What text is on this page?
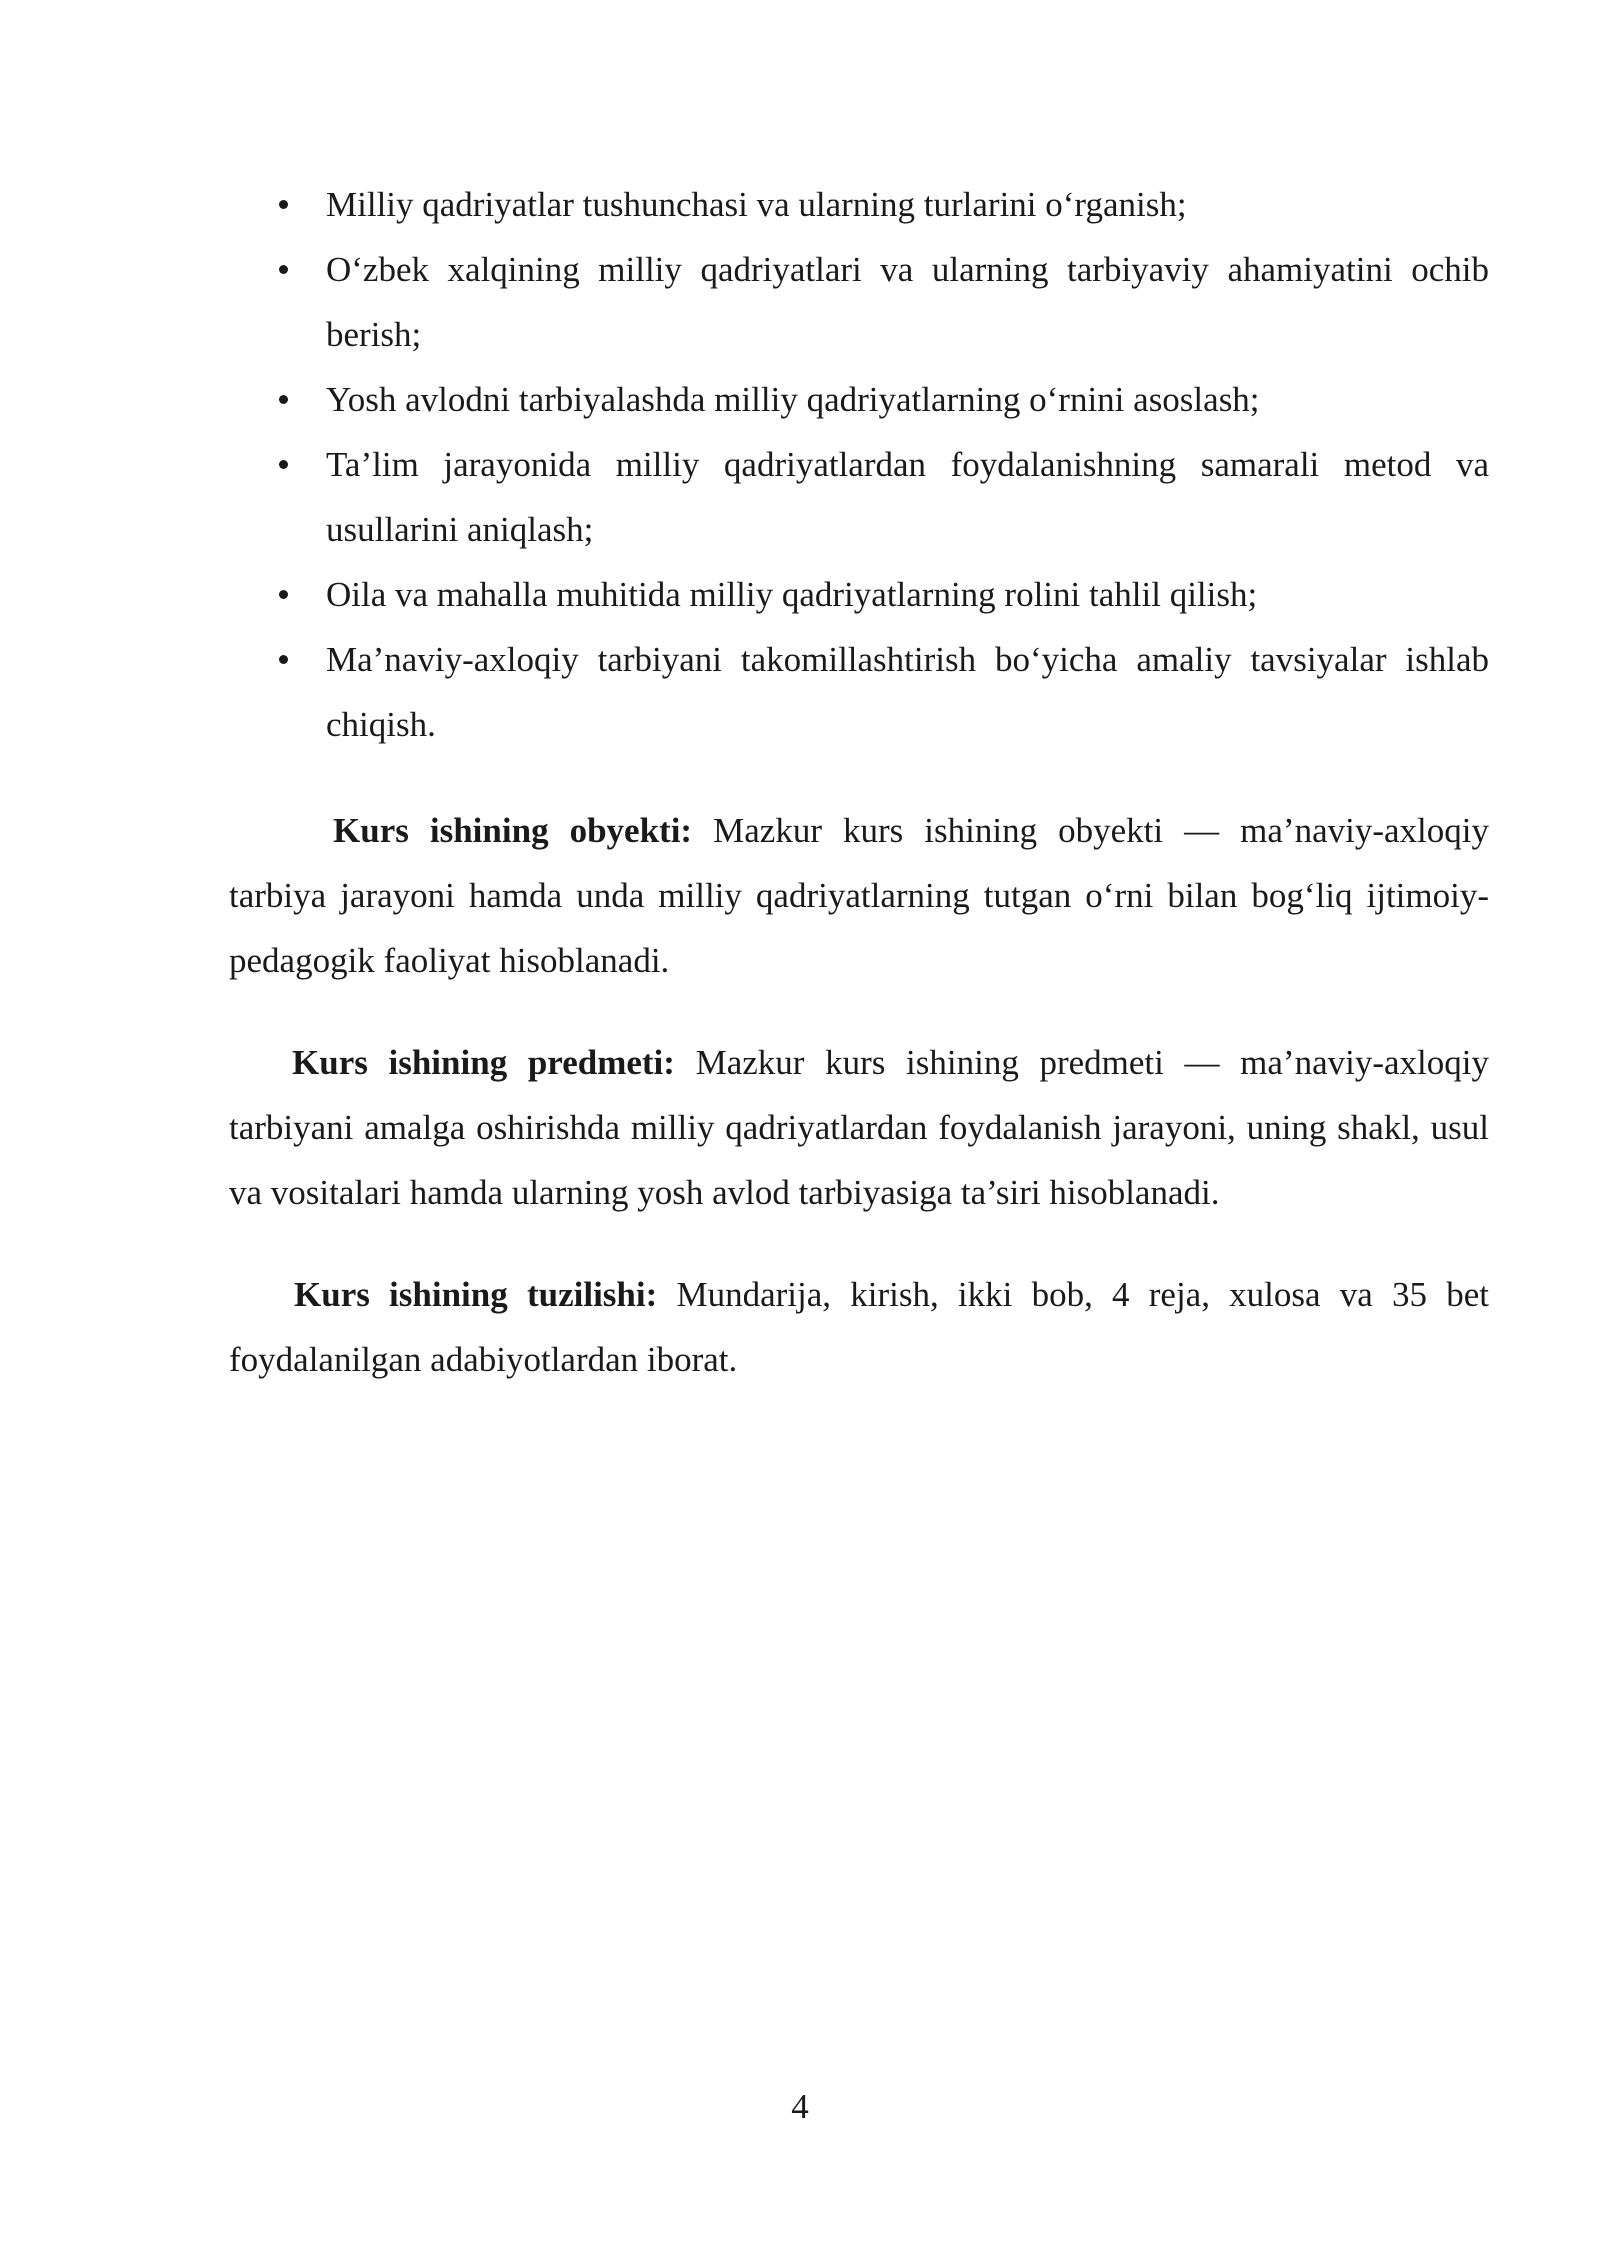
Milliy qadriyatlar tushunchasi va ularning turlarini o‘rganish;
O‘zbek xalqining milliy qadriyatlari va ularning tarbiyaviy ahamiyatini ochib berish;
Yosh avlodni tarbiyalashda milliy qadriyatlarning o‘rnini asoslash;
Ta’lim jarayonida milliy qadriyatlardan foydalanishning samarali metod va usullarini aniqlash;
Oila va mahalla muhitida milliy qadriyatlarning rolini tahlil qilish;
Ma’naviy-axloqiy tarbiyani takomillashtirish bo‘yicha amaliy tavsiyalar ishlab chiqish.

Kurs ishining obyekti: Mazkur kurs ishining obyekti — ma’naviy-axloqiy tarbiya jarayoni hamda unda milliy qadriyatlarning tutgan o‘rni bilan bog‘liq ijtimoiy-pedagogik faoliyat hisoblanadi.

Kurs ishining predmeti: Mazkur kurs ishining predmeti — ma’naviy-axloqiy tarbiyani amalga oshirishda milliy qadriyatlardan foydalanish jarayoni, uning shakl, usul va vositalari hamda ularning yosh avlod tarbiyasiga ta’siri hisoblanadi.

Kurs ishining tuzilishi: Mundarija, kirish, ikki bob, 4 reja, xulosa va 35 bet foydalanilgan adabiyotlardan iborat.

4
